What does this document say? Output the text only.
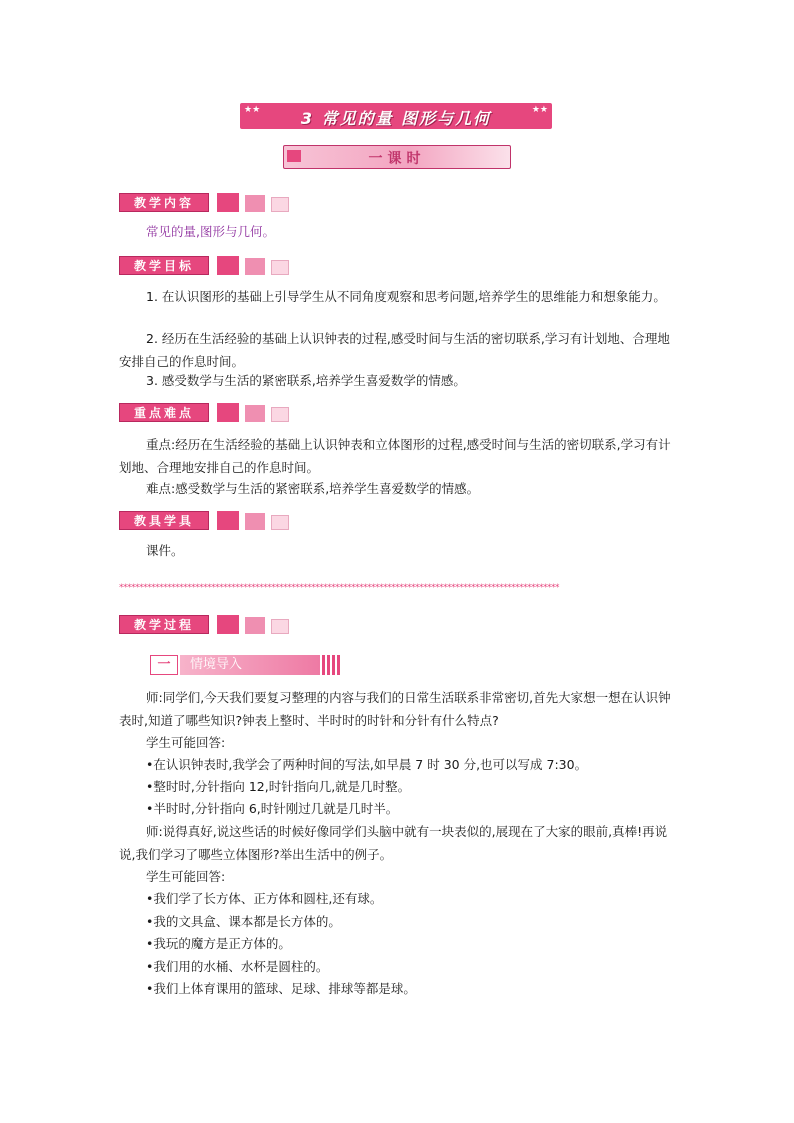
★★	3 常见的量 图形与几何	★★
一课时
教学内容

常见的量,图形与几何。

教学目标

1. 在认识图形的基础上引导学生从不同角度观察和思考问题,培养学生的思维能力和想象能力。

2. 经历在生活经验的基础上认识钟表的过程,感受时间与生活的密切联系,学习有计划地、合理地安排自己的作息时间。

3. 感受数学与生活的紧密联系,培养学生喜爱数学的情感。

重点难点

重点:经历在生活经验的基础上认识钟表和立体图形的过程,感受时间与生活的密切联系,学习有计划地、合理地安排自己的作息时间。

难点:感受数学与生活的紧密联系,培养学生喜爱数学的情感。

教具学具

课件。

**************************************************************************************************************
教学过程
一	情境导入

师:同学们,今天我们要复习整理的内容与我们的日常生活联系非常密切,首先大家想一想在认识钟表时,知道了哪些知识?钟表上整时、半时时的时针和分针有什么特点?

学生可能回答:

•在认识钟表时,我学会了两种时间的写法,如早晨 7 时 30 分,也可以写成 7:30。

•整时时,分针指向 12,时针指向几,就是几时整。

•半时时,分针指向 6,时针刚过几就是几时半。

师:说得真好,说这些话的时候好像同学们头脑中就有一块表似的,展现在了大家的眼前,真棒!再说说,我们学习了哪些立体图形?举出生活中的例子。

学生可能回答:

•我们学了长方体、正方体和圆柱,还有球。

•我的文具盒、课本都是长方体的。

•我玩的魔方是正方体的。

•我们用的水桶、水杯是圆柱的。

•我们上体育课用的篮球、足球、排球等都是球。
